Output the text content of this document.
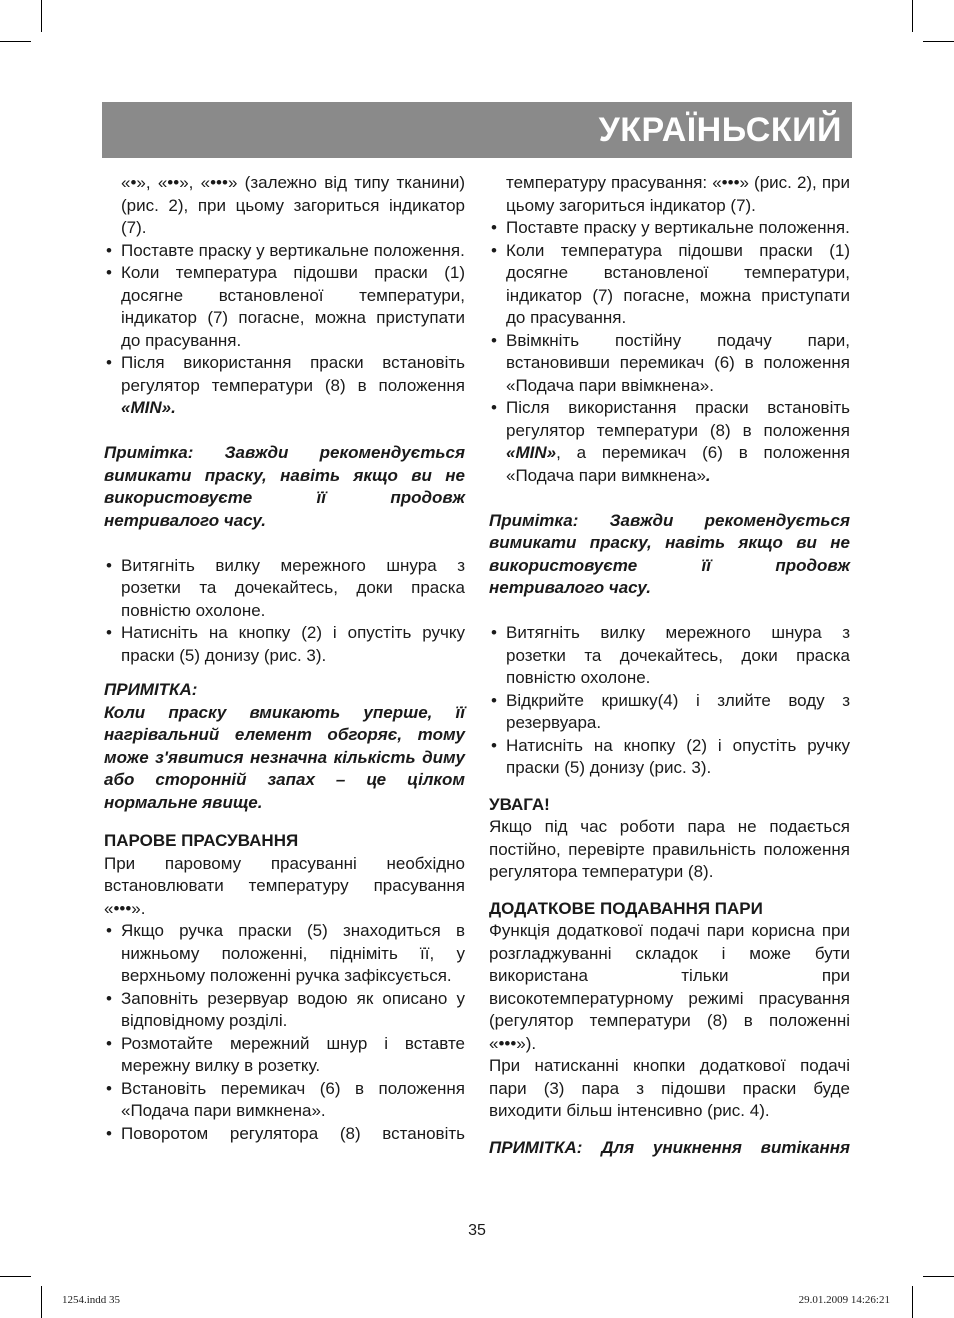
УКРАЇНЬСКИЙ

«•», «••», «•••» (залежно від типу тканини) (рис. 2), при цьому загориться індикатор (7).

• Поставте праску у вертикальне положення.

• Коли температура підошви праски (1) досягне встановленої температури, індикатор (7) погасне, можна приступати до прасування.

• Після використання праски встановіть регулятор температури (8) в положення «MIN».

Примітка: Завжди рекомендується вимикати праску, навіть якщо ви не використовуєте її продовж нетривалого часу.

• Витягніть вилку мережного шнура з розетки та дочекайтесь, доки праска повністю охолоне.

• Натисніть на кнопку (2) і опустіть ручку праски (5) донизу (рис. 3).

ПРИМІТКА:

Коли праску вмикають уперше, її нагрівальний елемент обгоряє, тому може з'явитися незначна кількість диму або сторонній запах – це цілком нормальне явище.

ПАРОВЕ ПРАСУВАННЯ

При паровому прасуванні необхідно встановлювати температуру прасування «•••».

• Якщо ручка праски (5) знаходиться в нижньому положенні, підніміть її, у верхньому положенні ручка зафіксується.

• Заповніть резервуар водою як описано у відповідному розділі.

• Розмотайте мережний шнур і вставте мережну вилку в розетку.

• Встановіть перемикач (6) в положення «Подача пари вимкнена».

• Поворотом регулятора (8) встановіть

температуру прасування: «•••» (рис. 2), при цьому загориться індикатор (7).

• Поставте праску у вертикальне положення.

• Коли температура підошви праски (1) досягне встановленої температури, індикатор (7) погасне, можна приступати до прасування.

• Ввімкніть постійну подачу пари, встановивши перемикач (6) в положення «Подача пари ввімкнена».

• Після використання праски встановіть регулятор температури (8) в положення «MIN», а перемикач (6) в положення «Подача пари вимкнена».

Примітка: Завжди рекомендується вимикати праску, навіть якщо ви не використовуєте її продовж нетривалого часу.

• Витягніть вилку мережного шнура з розетки та дочекайтесь, доки праска повністю охолоне.

• Відкрийте кришку(4) і злийте воду з резервуара.

• Натисніть на кнопку (2) і опустіть ручку праски (5) донизу (рис. 3).

УВАГА!

Якщо під час роботи пара не подається постійно, перевірте правильність положення регулятора температури (8).

ДОДАТКОВЕ ПОДАВАННЯ ПАРИ

Функція додаткової подачі пари корисна при розгладжуванні складок і може бути використана тільки при високотемпературному режимі прасування (регулятор температури (8) в положенні «•••»).

При натисканні кнопки додаткової подачі пари (3) пара з підошви праски буде виходити більш інтенсивно (рис. 4).

ПРИМІТКА: Для уникнення витікання

35
1254.indd 35	29.01.2009 14:26:21
